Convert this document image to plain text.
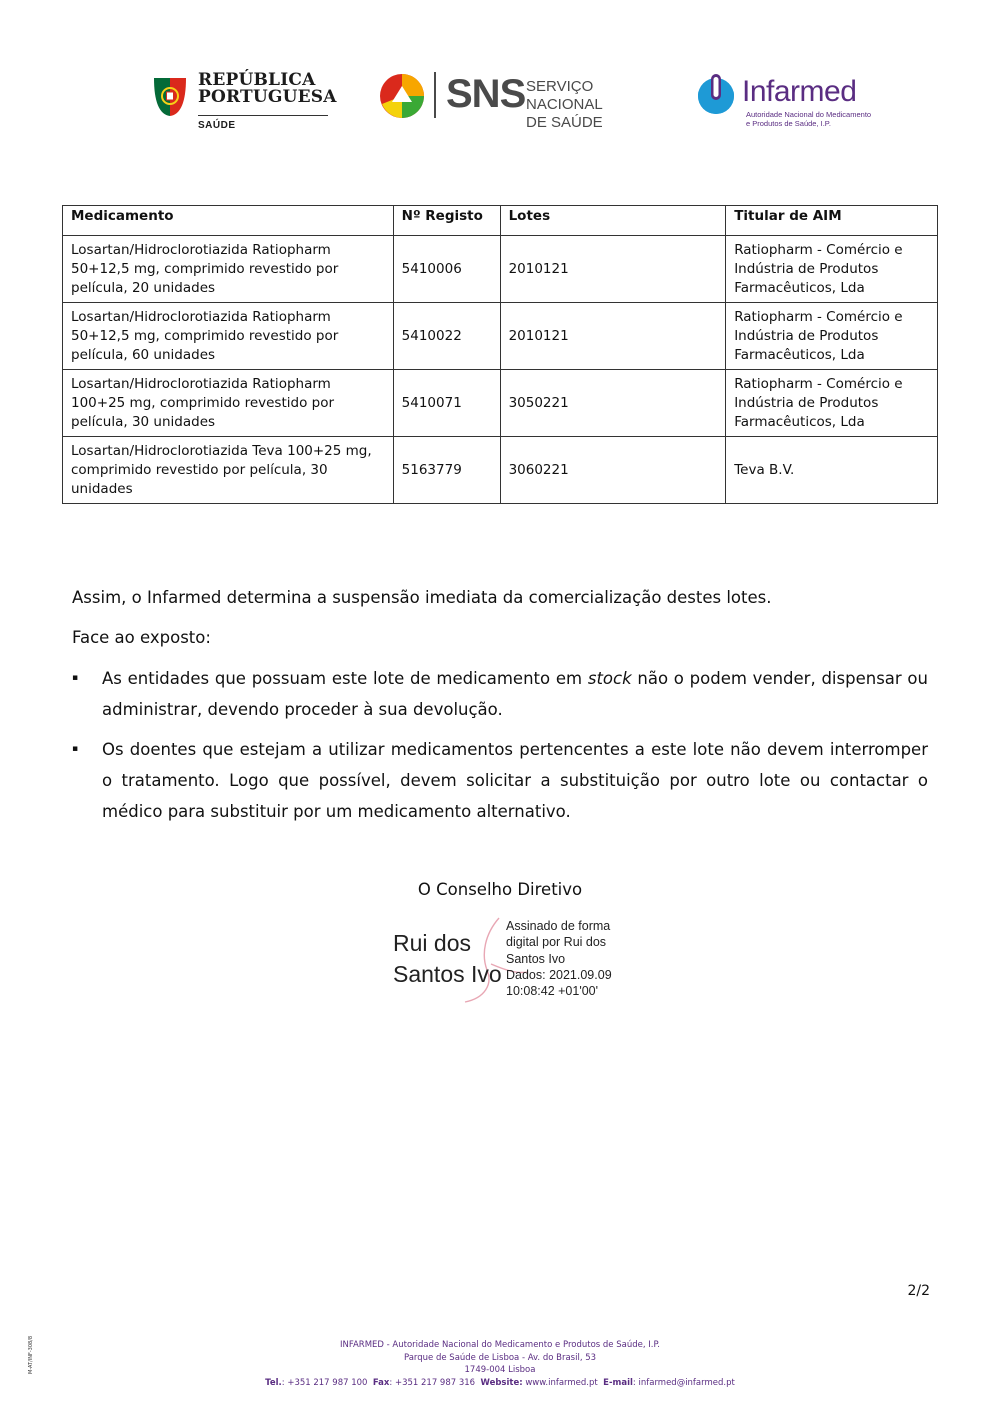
REPÚBLICA
PORTUGUESA
SAÚDE
SNS SERVIÇO NACIONAL
DE SAÚDE
Infarmed
Autoridade Nacional do Medicamento
e Produtos de Saúde, I.P.
Medicamento	Nº Registo	Lotes	Titular de AIM
Losartan/Hidroclorotiazida Ratiopharm 50+12,5 mg, comprimido revestido por película, 20 unidades	5410006	2010121	Ratiopharm - Comércio e Indústria de Produtos Farmacêuticos, Lda
Losartan/Hidroclorotiazida Ratiopharm 50+12,5 mg, comprimido revestido por película, 60 unidades	5410022	2010121	Ratiopharm - Comércio e Indústria de Produtos Farmacêuticos, Lda
Losartan/Hidroclorotiazida Ratiopharm 100+25 mg, comprimido revestido por película, 30 unidades	5410071	3050221	Ratiopharm - Comércio e Indústria de Produtos Farmacêuticos, Lda
Losartan/Hidroclorotiazida Teva 100+25 mg, comprimido revestido por película, 30 unidades	5163779	3060221	Teva B.V.
Assim, o Infarmed determina a suspensão imediata da comercialização destes lotes.
Face ao exposto:
▪ As entidades que possuam este lote de medicamento em stock não o podem vender, dispensar ou administrar, devendo proceder à sua devolução.
▪ Os doentes que estejam a utilizar medicamentos pertencentes a este lote não devem interromper o tratamento. Logo que possível, devem solicitar a substituição por outro lote ou contactar o médico para substituir por um medicamento alternativo.
O Conselho Diretivo
Rui dos
Santos Ivo
Assinado de forma
digital por Rui dos
Santos Ivo
Dados: 2021.09.09
10:08:42 +01'00'
2/2
M-AT/INF-308/8	INFARMED - Autoridade Nacional do Medicamento e Produtos de Saúde, I.P.
Parque de Saúde de Lisboa - Av. do Brasil, 53
1749-004 Lisboa
Tel.: +351 217 987 100 Fax: +351 217 987 316 Website: www.infarmed.pt E-mail: infarmed@infarmed.pt
